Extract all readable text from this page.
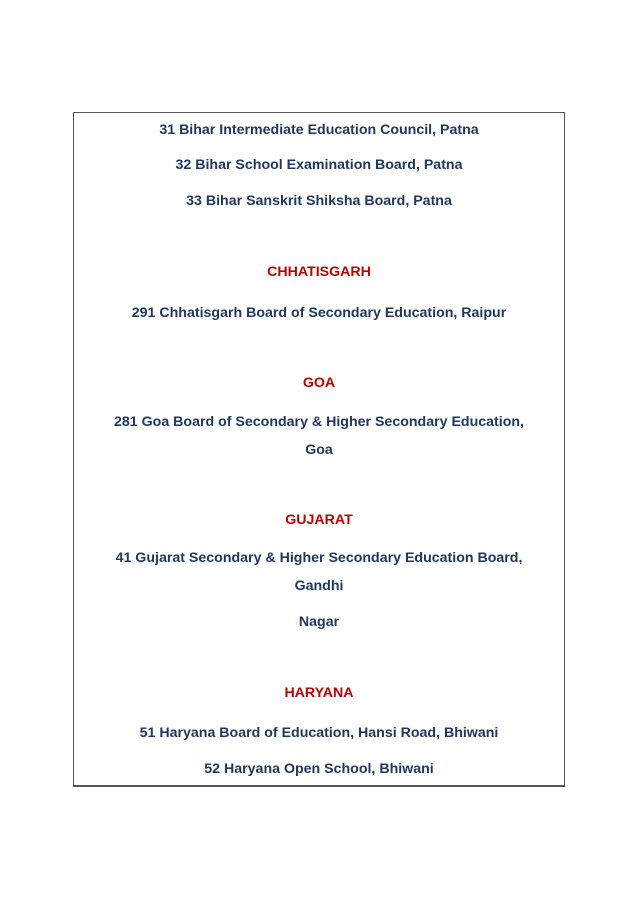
31 Bihar Intermediate Education Council, Patna
32 Bihar School Examination Board, Patna
33 Bihar Sanskrit Shiksha Board, Patna
CHHATISGARH
291 Chhatisgarh Board of Secondary Education, Raipur
GOA
281 Goa Board of Secondary & Higher Secondary Education,
Goa
GUJARAT
41 Gujarat Secondary & Higher Secondary Education Board,
Gandhi
Nagar
HARYANA
51 Haryana Board of Education, Hansi Road, Bhiwani
52 Haryana Open School, Bhiwani
